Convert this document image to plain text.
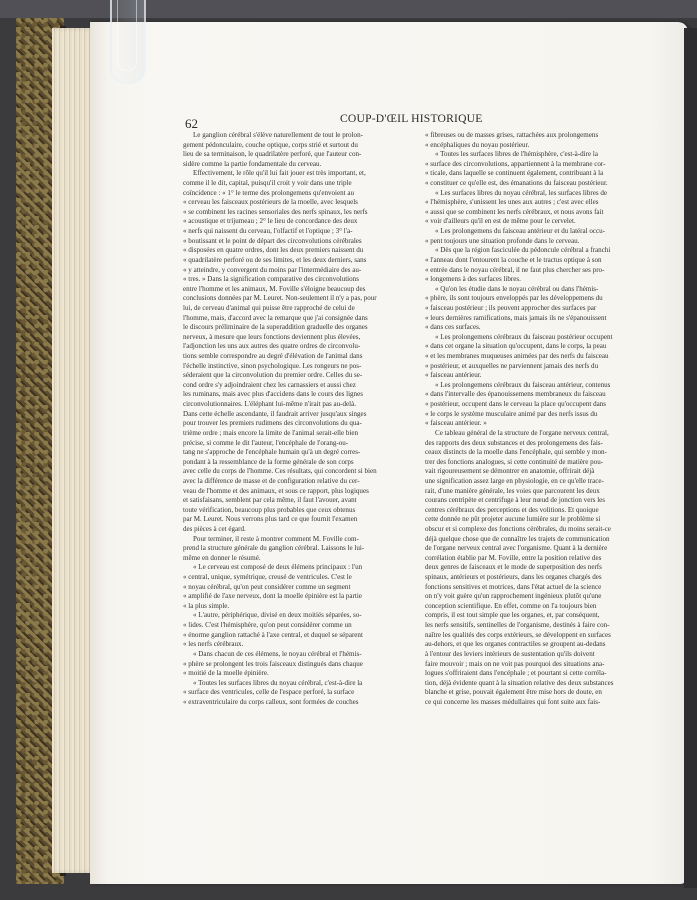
62	COUP-D'ŒIL HISTORIQUE
Le ganglion cérébral s'élève naturellement de tout le prolon-
gement pédonculaire, couche optique, corps strié et surtout du
lieu de sa terminaison, le quadrilatère perforé, que l'auteur con-
sidère comme la partie fondamentale du cerveau.
Effectivement, le rôle qu'il lui fait jouer est très important, et,
comme il le dit, capital, puisqu'il croit y voir dans une triple
coïncidence : « 1° le terme des prolongemens qu'envoient au
« cerveau les faisceaux postérieurs de la moelle, avec lesquels
« se combinent les racines sensoriales des nerfs spinaux, les nerfs
« acoustique et trijumeau ; 2° le lieu de concordance des deux
« nerfs qui naissent du cerveau, l'olfactif et l'optique ; 3° l'a-
« boutissant et le point de départ des circonvolutions cérébrales
« disposées en quatre ordres, dont les deux premiers naissent du
« quadrilatère perforé ou de ses limites, et les deux derniers, sans
« y atteindre, y convergent du moins par l'intermédiaire des au-
« tres. » Dans la signification comparative des circonvolutions
entre l'homme et les animaux, M. Foville s'éloigne beaucoup des
conclusions données par M. Leuret. Non-seulement il n'y a pas, pour
lui, de cerveau d'animal qui puisse être rapproché de celui de
l'homme, mais, d'accord avec la remarque que j'ai consignée dans
le discours préliminaire de la superaddition graduelle des organes
nerveux, à mesure que leurs fonctions deviennent plus élevées,
l'adjonction les uns aux autres des quatre ordres de circonvolu-
tions semble correspondre au degré d'élévation de l'animal dans
l'échelle instinctive, sinon psychologique. Les rongeurs ne pos-
séderaient que la circonvolution du premier ordre. Celles du se-
cond ordre s'y adjoindraient chez les carnassiers et aussi chez
les ruminans, mais avec plus d'accidens dans le cours des lignes
circonvolutionnaires. L'éléphant lui-même n'irait pas au-delà.
Dans cette échelle ascendante, il faudrait arriver jusqu'aux singes
pour trouver les premiers rudimens des circonvolutions du qua-
trième ordre ; mais encore la limite de l'animal serait-elle bien
précise, si comme le dit l'auteur, l'encéphale de l'orang-ou-
tang ne s'approche de l'encéphale humain qu'à un degré corres-
pondant à la ressemblance de la forme générale de son corps
avec celle du corps de l'homme. Ces résultats, qui concordent si bien
avec la différence de masse et de configuration relative du cer-
veau de l'homme et des animaux, et sous ce rapport, plus logiques
et satisfaisans, semblent par cela même, il faut l'avouer, avant
toute vérification, beaucoup plus probables que ceux obtenus
par M. Leuret. Nous verrons plus tard ce que fournit l'examen
des pièces à cet égard.
Pour terminer, il reste à montrer comment M. Foville com-
prend la structure générale du ganglion cérébral. Laissons le lui-
même en donner le résumé.
« Le cerveau est composé de deux élémens principaux : l'un
« central, unique, symétrique, creusé de ventricules. C'est le
« noyau cérébral, qu'on peut considérer comme un segment
« amplifié de l'axe nerveux, dont la moelle épinière est la partie
« la plus simple.
« L'autre, périphérique, divisé en deux moitiés séparées, so-
« lides. C'est l'hémisphère, qu'on peut considérer comme un
« énorme ganglion rattaché à l'axe central, et duquel se séparent
« les nerfs cérébraux.
« Dans chacun de ces élémens, le noyau cérébral et l'hémis-
« phère se prolongent les trois faisceaux distingués dans chaque
« moitié de la moelle épinière.
« Toutes les surfaces libres du noyau cérébral, c'est-à-dire la
« surface des ventricules, celle de l'espace perforé, la surface
« extraventriculaire du corps calleux, sont formées de couches
« fibreuses ou de masses grises, rattachées aux prolongemens
« encéphaliques du noyau postérieur.
« Toutes les surfaces libres de l'hémisphère, c'est-à-dire la
« surface des circonvolutions, appartiennent à la membrane cor-
« ticale, dans laquelle se continuent également, contribuant à la
« constituer ce qu'elle est, des émanations du faisceau postérieur.
« Les surfaces libres du noyau cérébral, les surfaces libres de
« l'hémisphère, s'unissent les unes aux autres ; c'est avec elles
« aussi que se combinent les nerfs cérébraux, et nous avons fait
« voir d'ailleurs qu'il en est de même pour le cervelet.
« Les prolongemens du faisceau antérieur et du latéral occu-
« pent toujours une situation profonde dans le cerveau.
« Dès que la région fasciculée du pédoncule cérébral a franchi
« l'anneau dont l'entourent la couche et le tractus optique à son
« entrée dans le noyau cérébral, il ne faut plus chercher ses pro-
« longemens à des surfaces libres.
« Qu'on les étudie dans le noyau cérébral ou dans l'hémis-
« phère, ils sont toujours enveloppés par les développemens du
« faisceau postérieur ; ils peuvent approcher des surfaces par
« leurs dernières ramifications, mais jamais ils ne s'épanouissent
« dans ces surfaces.
« Les prolongemens cérébraux du faisceau postérieur occupent
« dans cet organe la situation qu'occupent, dans le corps, la peau
« et les membranes muqueuses animées par des nerfs du faisceau
« postérieur, et auxquelles ne parviennent jamais des nerfs du
« faisceau antérieur.
« Les prolongemens cérébraux du faisceau antérieur, contenus
« dans l'intervalle des épanouissemens membraneux du faisceau
« postérieur, occupent dans le cerveau la place qu'occupent dans
« le corps le système musculaire animé par des nerfs issus du
« faisceau antérieur. »
Ce tableau général de la structure de l'organe nerveux central,
des rapports des deux substances et des prolongemens des fais-
ceaux distincts de la moelle dans l'encéphale, qui semble y mon-
trer des fonctions analogues, si cette continuité de matière pou-
vait rigoureusement se démontrer en anatomie, offrirait déjà
une signification assez large en physiologie, en ce qu'elle trace-
rait, d'une manière générale, les voies que parcourent les deux
courans centripète et centrifuge à leur nœud de jonction vers les
centres cérébraux des perceptions et des volitions. Et quoique
cette donnée ne pût projeter aucune lumière sur le problème si
obscur et si complexe des fonctions cérébrales, du moins serait-ce
déjà quelque chose que de connaître les trajets de communication
de l'organe nerveux central avec l'organisme. Quant à la dernière
corrélation établie par M. Foville, entre la position relative des
deux genres de faisceaux et le mode de superposition des nerfs
spinaux, antérieurs et postérieurs, dans les organes chargés des
fonctions sensitives et motrices, dans l'état actuel de la science
on n'y voit guère qu'un rapprochement ingénieux plutôt qu'une
conception scientifique. En effet, comme on l'a toujours bien
compris, il est tout simple que les organes, et, par conséquent,
les nerfs sensitifs, sentinelles de l'organisme, destinés à faire con-
naître les qualités des corps extérieurs, se développent en surfaces
au-dehors, et que les organes contractiles se groupent au-dedans
à l'entour des leviers intérieurs de sustentation qu'ils doivent
faire mouvoir ; mais on ne voit pas pourquoi des situations ana-
logues s'offriraient dans l'encéphale ; et pourtant si cette corréla-
tion, déjà évidente quant à la situation relative des deux substances
blanche et grise, pouvait également être mise hors de doute, en
ce qui concerne les masses médullaires qui font suite aux fais-
